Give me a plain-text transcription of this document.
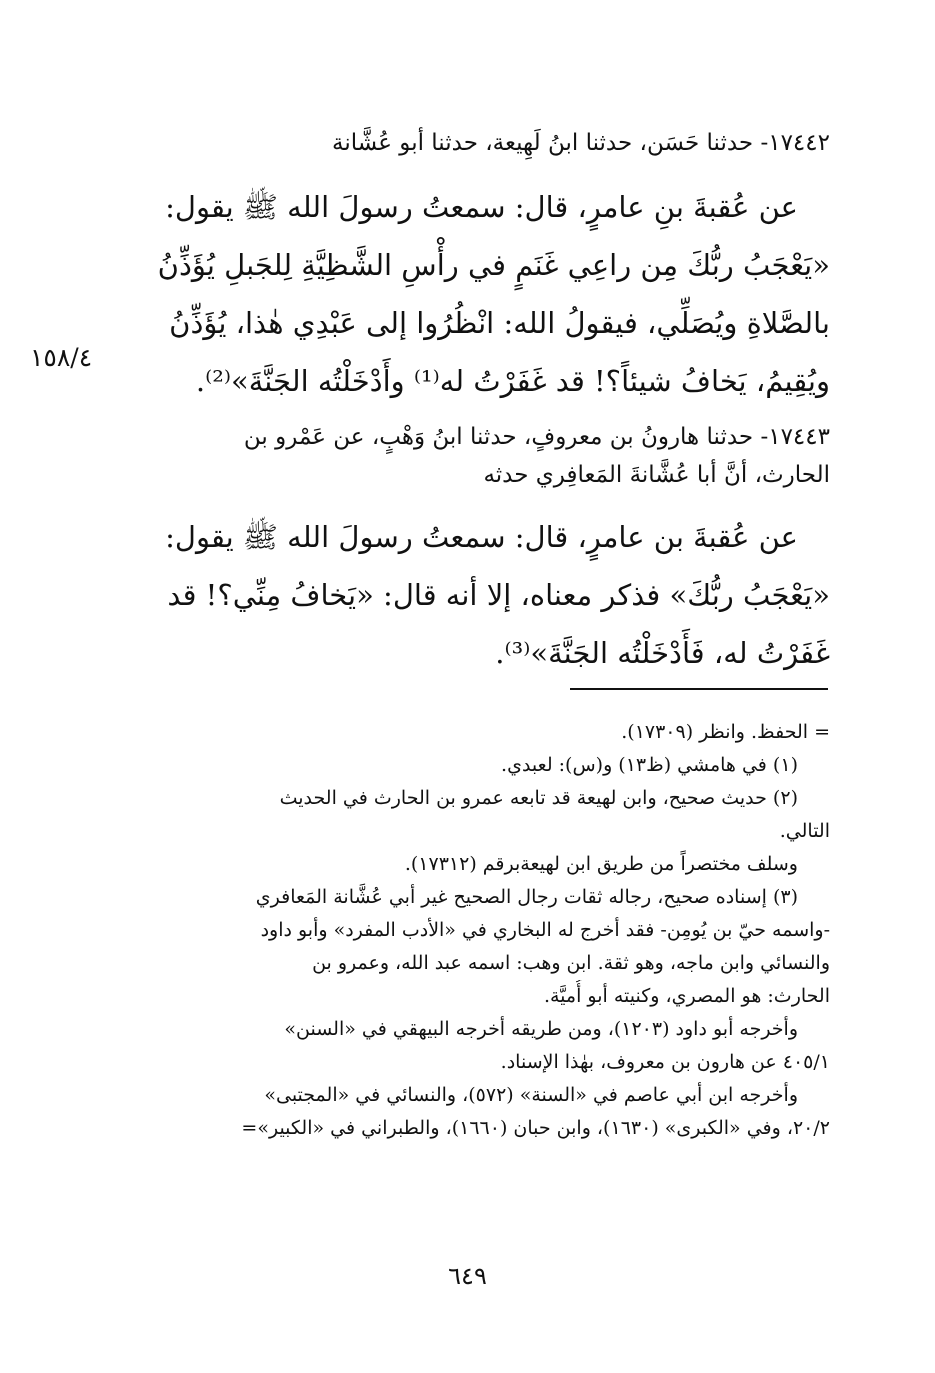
١٥٨/٤
١٧٤٤٢- حدثنا حَسَن، حدثنا ابنُ لَهِيعة، حدثنا أبو عُشَّانة
عن عُقبةَ بنِ عامرٍ، قال: سمعتُ رسولَ الله ﷺ يقول:
«يَعْجَبُ ربُّكَ مِن راعِي غَنَمٍ في رأْسِ الشَّظِيَّةِ لِلجَبلِ يُؤَذِّنُ
بالصَّلاةِ ويُصَلِّي، فيقولُ الله: انْظُرُوا إلى عَبْدِي هٰذا، يُؤَذِّنُ
ويُقِيمُ، يَخافُ شيئاً؟! قد غَفَرْتُ له⁽¹⁾ وأَدْخَلْتُه الجَنَّةَ»⁽²⁾.
١٧٤٤٣- حدثنا هارونُ بن معروفٍ، حدثنا ابنُ وَهْبٍ، عن عَمْرو بن
الحارث، أنَّ أبا عُشَّانةَ المَعافِري حدثه
عن عُقبةَ بن عامرٍ، قال: سمعتُ رسولَ الله ﷺ يقول:
«يَعْجَبُ ربُّكَ» فذكر معناه، إلا أنه قال: «يَخافُ مِنِّي؟! قد
غَفَرْتُ له، فَأَدْخَلْتُه الجَنَّةَ»⁽³⁾.
= الحفظ. وانظر (١٧٣٠٩).
(١) في هامشي (ظ١٣) و(س): لعبدي.
(٢) حديث صحيح، وابن لهيعة قد تابعه عمرو بن الحارث في الحديث
التالي.
وسلف مختصراً من طريق ابن لهيعةبرقم (١٧٣١٢).
(٣) إسناده صحيح، رجاله ثقات رجال الصحيح غير أبي عُشَّانة المَعافري
-واسمه حيّ بن يُومِن- فقد أخرج له البخاري في «الأدب المفرد» وأبو داود
والنسائي وابن ماجه، وهو ثقة. ابن وهب: اسمه عبد الله، وعمرو بن
الحارث: هو المصري، وكنيته أبو أُميَّة.
وأخرجه أبو داود (١٢٠٣)، ومن طريقه أخرجه البيهقي في «السنن»
٤٠٥/١ عن هارون بن معروف، بهٰذا الإسناد.
وأخرجه ابن أبي عاصم في «السنة» (٥٧٢)، والنسائي في «المجتبى»
٢٠/٢، وفي «الكبرى» (١٦٣٠)، وابن حبان (١٦٦٠)، والطبراني في «الكبير»=
٦٤٩
